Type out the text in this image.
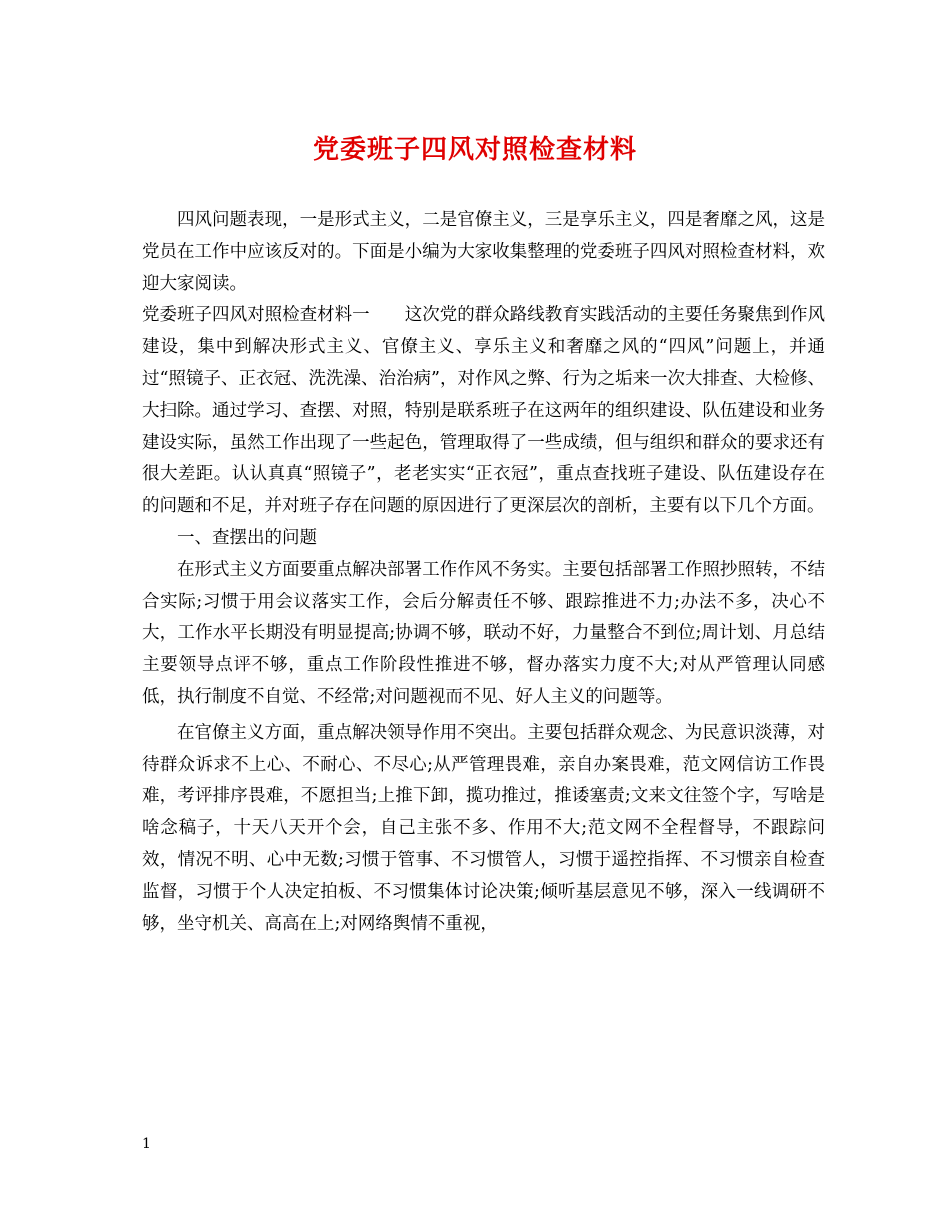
党委班子四风对照检查材料

四风问题表现，一是形式主义，二是官僚主义，三是享乐主义，四是奢靡之风，这是党员在工作中应该反对的。下面是小编为大家收集整理的党委班子四风对照检查材料，欢迎大家阅读。

党委班子四风对照检查材料一　　这次党的群众路线教育实践活动的主要任务聚焦到作风建设，集中到解决形式主义、官僚主义、享乐主义和奢靡之风的“四风”问题上，并通过“照镜子、正衣冠、洗洗澡、治治病”，对作风之弊、行为之垢来一次大排查、大检修、大扫除。通过学习、查摆、对照，特别是联系班子在这两年的组织建设、队伍建设和业务建设实际，虽然工作出现了一些起色，管理取得了一些成绩，但与组织和群众的要求还有很大差距。认认真真“照镜子”，老老实实“正衣冠”，重点查找班子建设、队伍建设存在的问题和不足，并对班子存在问题的原因进行了更深层次的剖析，主要有以下几个方面。

一、查摆出的问题

在形式主义方面要重点解决部署工作作风不务实。主要包括部署工作照抄照转，不结合实际;习惯于用会议落实工作，会后分解责任不够、跟踪推进不力;办法不多，决心不大，工作水平长期没有明显提高;协调不够，联动不好，力量整合不到位;周计划、月总结主要领导点评不够，重点工作阶段性推进不够，督办落实力度不大;对从严管理认同感低，执行制度不自觉、不经常;对问题视而不见、好人主义的问题等。

在官僚主义方面，重点解决领导作用不突出。主要包括群众观念、为民意识淡薄，对待群众诉求不上心、不耐心、不尽心;从严管理畏难，亲自办案畏难，范文网信访工作畏难，考评排序畏难，不愿担当;上推下卸，揽功推过，推诿塞责;文来文往签个字，写啥是啥念稿子，十天八天开个会，自己主张不多、作用不大;范文网不全程督导，不跟踪问效，情况不明、心中无数;习惯于管事、不习惯管人，习惯于遥控指挥、不习惯亲自检查监督，习惯于个人决定拍板、不习惯集体讨论决策;倾听基层意见不够，深入一线调研不够，坐守机关、高高在上;对网络舆情不重视，

1
